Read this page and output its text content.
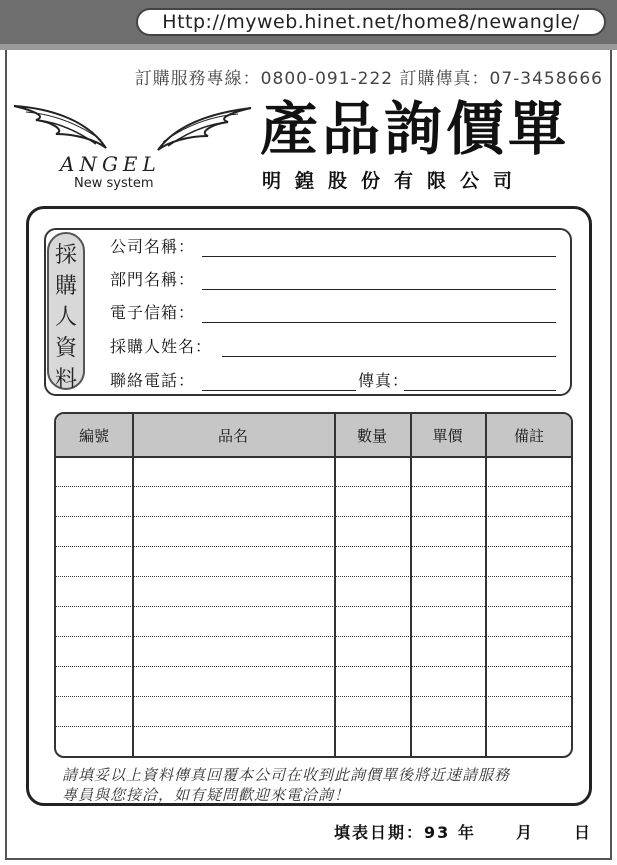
Http://myweb.hinet.net/home8/newangle/
訂購服務專線：0800-091-222 訂購傳真：07-3458666
ANGEL
New system
產品詢價單
明鍠股份有限公司
採
購
人
資
料
公司名稱：
部門名稱：
電子信箱：
採購人姓名：
聯絡電話：	傳真：
編號	品名	數量	單價	備註
請填妥以上資料傳真回覆本公司在收到此詢價單後將近速請服務
專員與您接洽，如有疑問歡迎來電洽詢！
填表日期：93 年	月	日
